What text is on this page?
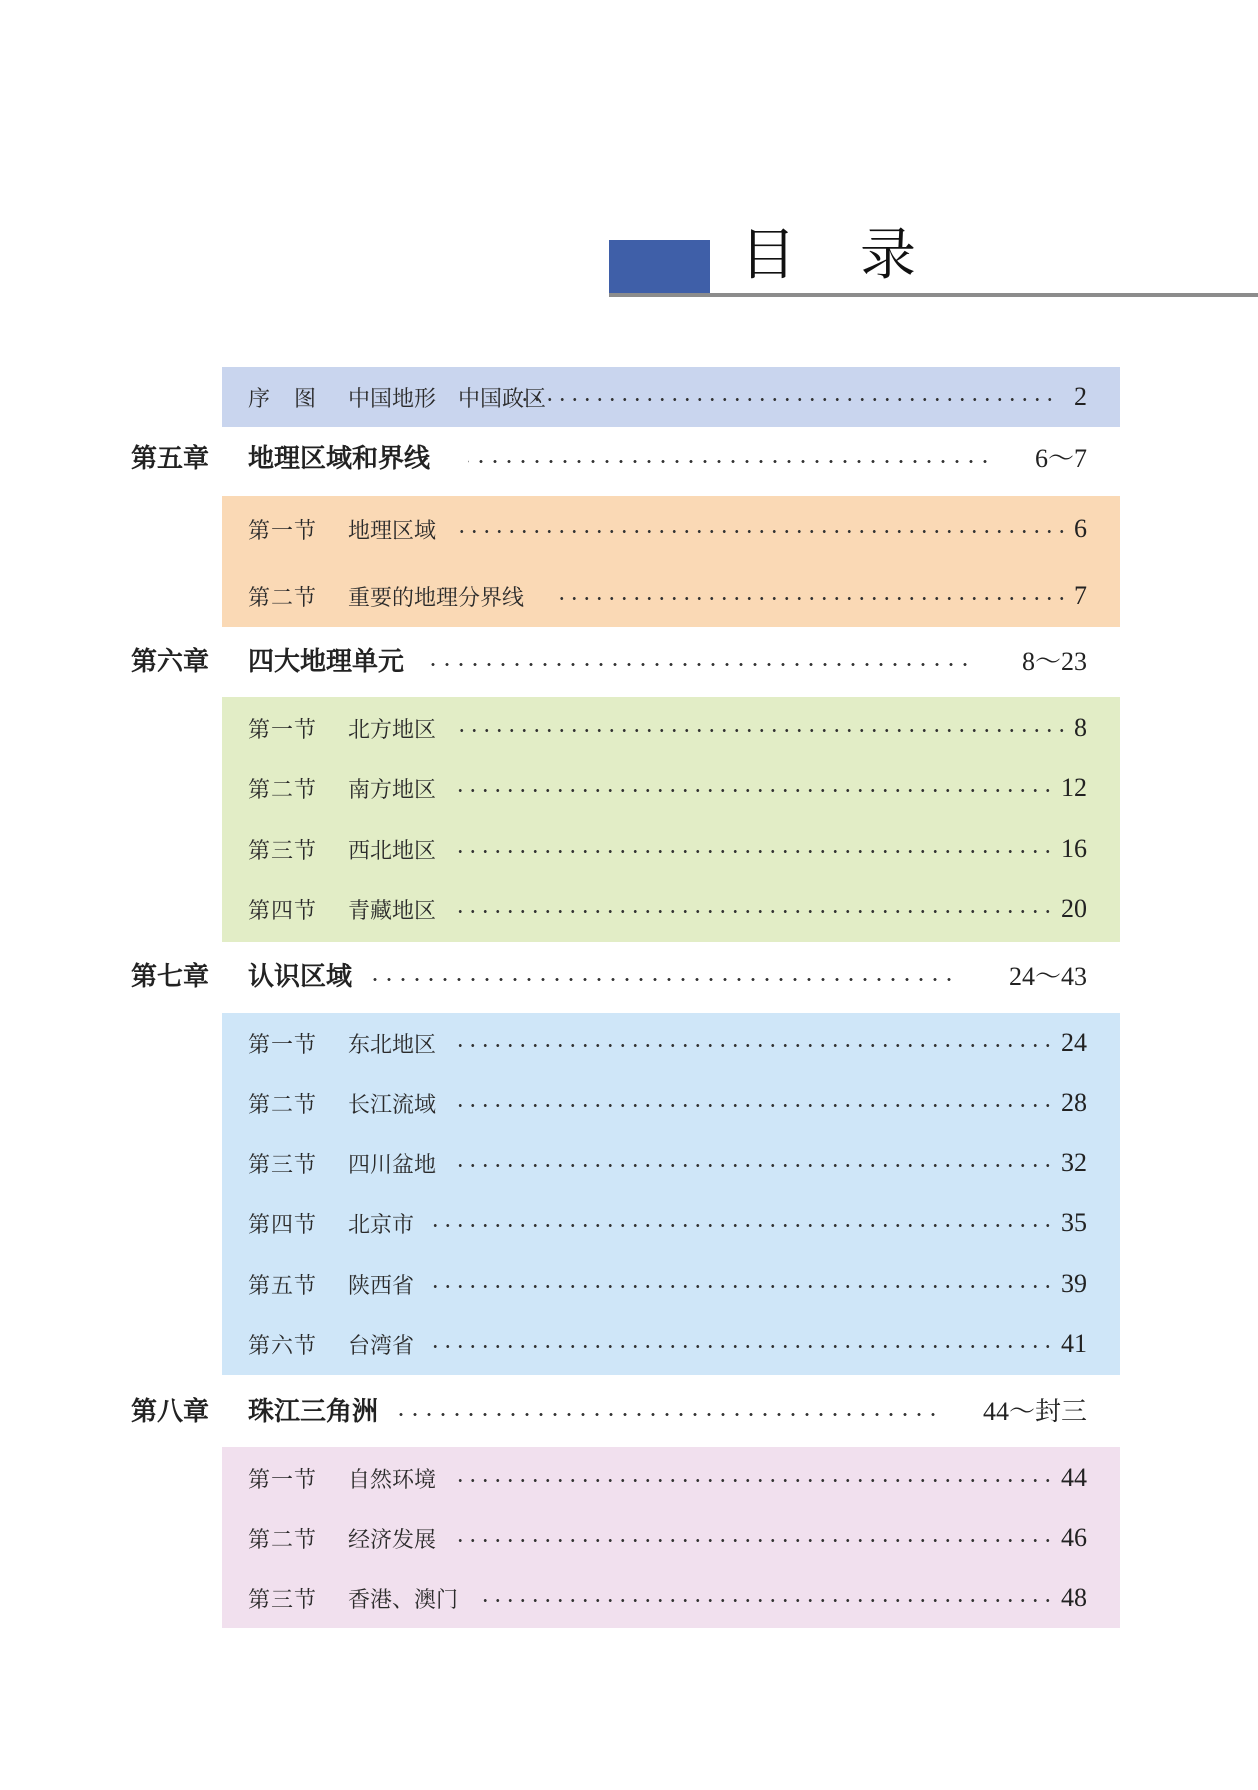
目 录
序　图 中国地形　中国政区	2
第五章 地理区域和界线	6～7
第一节 地理区域	6
第二节 重要的地理分界线	7
第六章 四大地理单元	8～23
第一节 北方地区	8
第二节 南方地区	12
第三节 西北地区	16
第四节 青藏地区	20
第七章 认识区域	24～43
第一节 东北地区	24
第二节 长江流域	28
第三节 四川盆地	32
第四节 北京市	35
第五节 陕西省	39
第六节 台湾省	41
第八章 珠江三角洲	44～封三
第一节 自然环境	44
第二节 经济发展	46
第三节 香港、澳门	48
